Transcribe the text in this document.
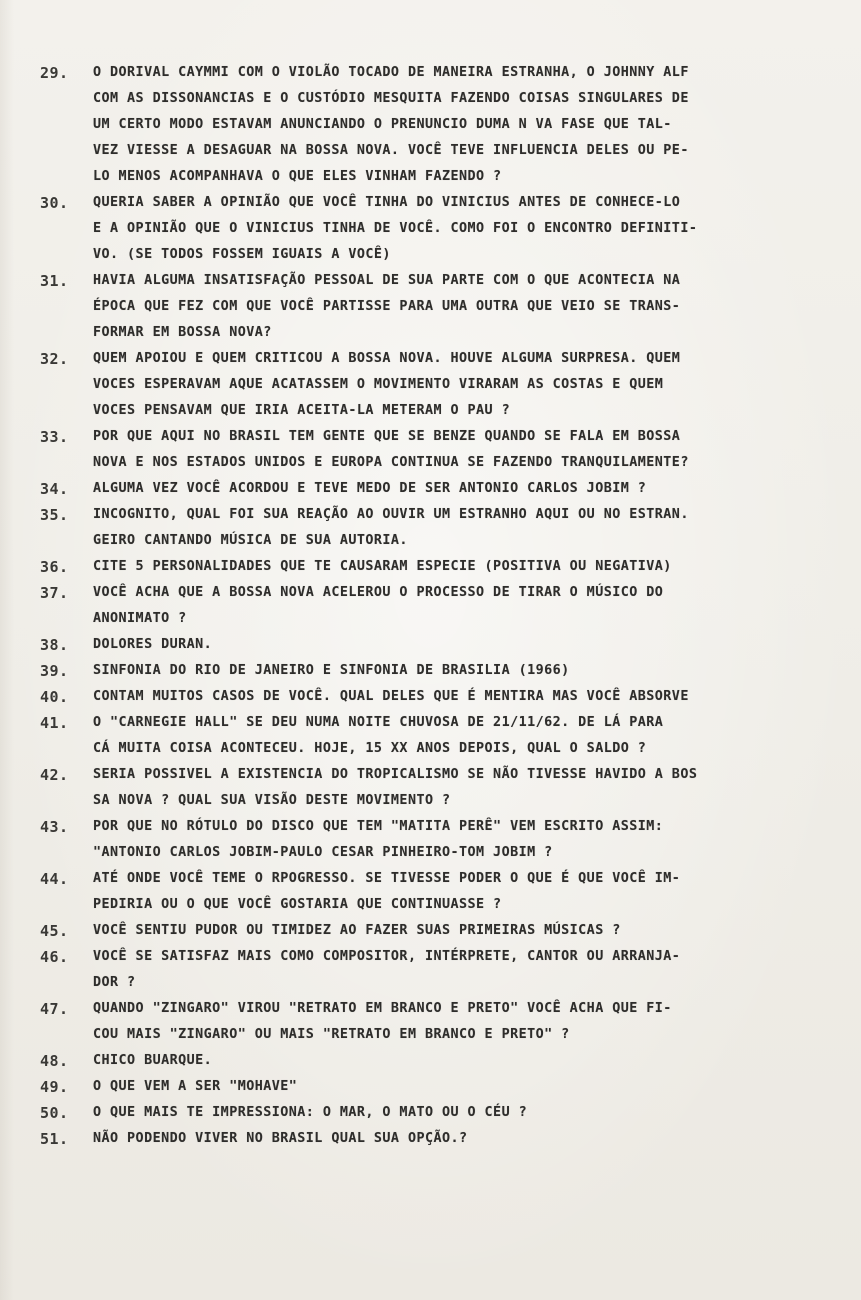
29.	O DORIVAL CAYMMI COM O VIOLÃO TOCADO DE MANEIRA ESTRANHA, O JOHNNY ALF
COM AS DISSONANCIAS E O CUSTÓDIO MESQUITA FAZENDO COISAS SINGULARES DE
UM CERTO MODO ESTAVAM ANUNCIANDO O PRENUNCIO DUMA N VA FASE QUE TAL-
VEZ VIESSE A DESAGUAR NA BOSSA NOVA. VOCÊ TEVE INFLUENCIA DELES OU PE-
LO MENOS ACOMPANHAVA O QUE ELES VINHAM FAZENDO ?
30.	QUERIA SABER A OPINIÃO QUE VOCÊ TINHA DO VINICIUS ANTES DE CONHECE-LO
E A OPINIÃO QUE O VINICIUS TINHA DE VOCÊ. COMO FOI O ENCONTRO DEFINITI-
VO. (SE TODOS FOSSEM IGUAIS A VOCÊ)
31.	HAVIA ALGUMA INSATISFAÇÃO PESSOAL DE SUA PARTE COM O QUE ACONTECIA NA
ÉPOCA QUE FEZ COM QUE VOCÊ PARTISSE PARA UMA OUTRA QUE VEIO SE TRANS-
FORMAR EM BOSSA NOVA?
32.	QUEM APOIOU E QUEM CRITICOU A BOSSA NOVA. HOUVE ALGUMA SURPRESA. QUEM
VOCES ESPERAVAM AQUE ACATASSEM O MOVIMENTO VIRARAM AS COSTAS E QUEM
VOCES PENSAVAM QUE IRIA ACEITA-LA METERAM O PAU ?
33.	POR QUE AQUI NO BRASIL TEM GENTE QUE SE BENZE QUANDO SE FALA EM BOSSA
NOVA E NOS ESTADOS UNIDOS E EUROPA CONTINUA SE FAZENDO TRANQUILAMENTE?
34.	ALGUMA VEZ VOCÊ ACORDOU E TEVE MEDO DE SER ANTONIO CARLOS JOBIM ?
35.	INCOGNITO, QUAL FOI SUA REAÇÃO AO OUVIR UM ESTRANHO AQUI OU NO ESTRAN.
GEIRO CANTANDO MÚSICA DE SUA AUTORIA.
36.	CITE 5 PERSONALIDADES QUE TE CAUSARAM ESPECIE (POSITIVA OU NEGATIVA)
37.	VOCÊ ACHA QUE A BOSSA NOVA ACELEROU O PROCESSO DE TIRAR O MÚSICO DO
ANONIMATO ?
38.	DOLORES DURAN.
39.	SINFONIA DO RIO DE JANEIRO E SINFONIA DE BRASILIA (1966)
40.	CONTAM MUITOS CASOS DE VOCÊ. QUAL DELES QUE É MENTIRA MAS VOCÊ ABSORVE
41.	O "CARNEGIE HALL" SE DEU NUMA NOITE CHUVOSA DE 21/11/62. DE LÁ PARA
CÁ MUITA COISA ACONTECEU. HOJE, 15 XX ANOS DEPOIS, QUAL O SALDO ?
42.	SERIA POSSIVEL A EXISTENCIA DO TROPICALISMO SE NÃO TIVESSE HAVIDO A BOS
SA NOVA ? QUAL SUA VISÃO DESTE MOVIMENTO ?
43.	POR QUE NO RÓTULO DO DISCO QUE TEM "MATITA PERÊ" VEM ESCRITO ASSIM:
"ANTONIO CARLOS JOBIM-PAULO CESAR PINHEIRO-TOM JOBIM ?
44.	ATÉ ONDE VOCÊ TEME O RPOGRESSO. SE TIVESSE PODER O QUE É QUE VOCÊ IM-
PEDIRIA OU O QUE VOCÊ GOSTARIA QUE CONTINUASSE ?
45.	VOCÊ SENTIU PUDOR OU TIMIDEZ AO FAZER SUAS PRIMEIRAS MÚSICAS ?
46.	VOCÊ SE SATISFAZ MAIS COMO COMPOSITOR, INTÉRPRETE, CANTOR OU ARRANJA-
DOR ?
47.	QUANDO "ZINGARO" VIROU "RETRATO EM BRANCO E PRETO" VOCÊ ACHA QUE FI-
COU MAIS "ZINGARO" OU MAIS "RETRATO EM BRANCO E PRETO" ?
48.	CHICO BUARQUE.
49.	O QUE VEM A SER "MOHAVE"
50.	O QUE MAIS TE IMPRESSIONA: O MAR, O MATO OU O CÉU ?
51.	NÃO PODENDO VIVER NO BRASIL QUAL SUA OPÇÃO.?
